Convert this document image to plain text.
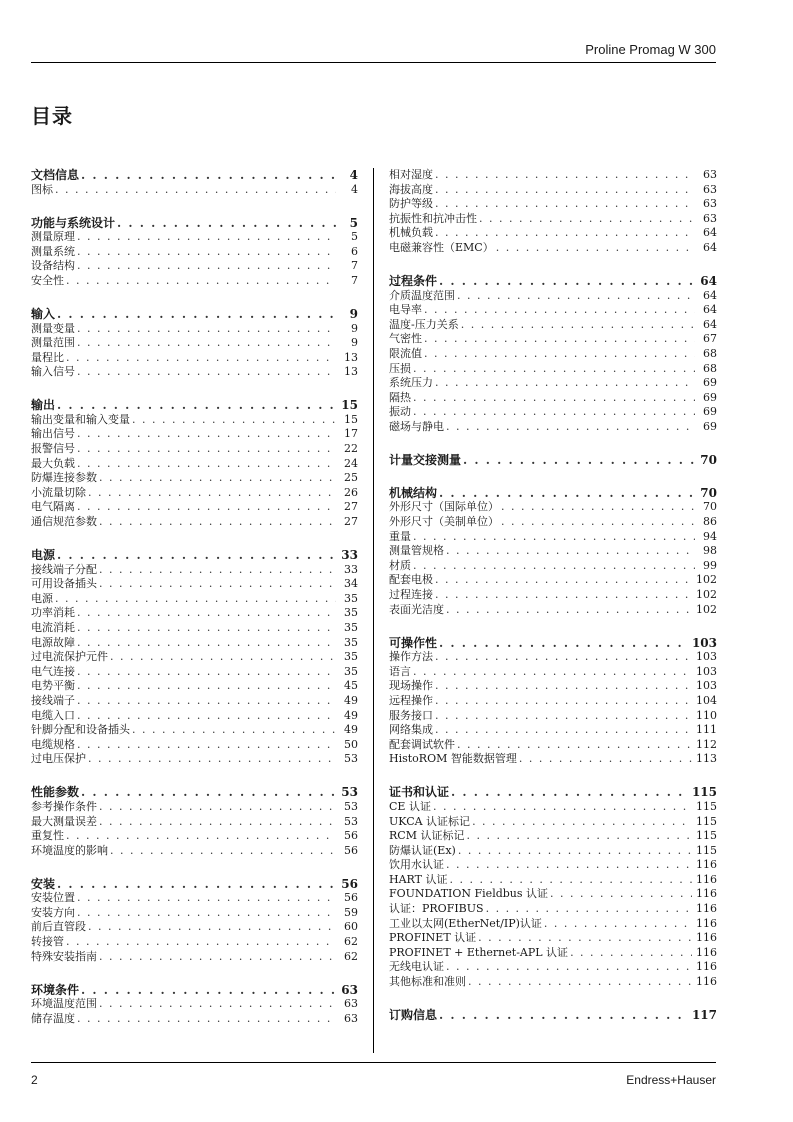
Proline Promag W 300
目录
文档信息 . . .	4
图标 . . .	4
功能与系统设计 . . .	5
测量原理 . . .	5
测量系统 . . .	6
设备结构 . . .	7
安全性 . . .	7
输入 . . .	9
测量变量 . . .	9
测量范围 . . .	9
量程比 . . .	13
输入信号 . . .	13
输出 . . .	15
输出变量和输入变量 . . .	15
输出信号 . . .	17
报警信号 . . .	22
最大负载 . . .	24
防爆连接参数 . . .	25
小流量切除 . . .	26
电气隔离 . . .	27
通信规范参数 . . .	27
电源 . . .	33
接线端子分配 . . .	33
可用设备插头 . . .	34
电源 . . .	35
功率消耗 . . .	35
电流消耗 . . .	35
电源故障 . . .	35
过电流保护元件 . . .	35
电气连接 . . .	35
电势平衡 . . .	45
接线端子 . . .	49
电缆入口 . . .	49
针脚分配和设备插头 . . .	49
电缆规格 . . .	50
过电压保护 . . .	53
性能参数 . . .	53
参考操作条件 . . .	53
最大测量误差 . . .	53
重复性 . . .	56
环境温度的影响 . . .	56
安装 . . .	56
安装位置 . . .	56
安装方向 . . .	59
前后直管段 . . .	60
转接管 . . .	62
特殊安装指南 . . .	62
环境条件 . . .	63
环境温度范围 . . .	63
储存温度 . . .	63
相对湿度 . . .	63
海拔高度 . . .	63
防护等级 . . .	63
抗振性和抗冲击性 . . .	63
机械负载 . . .	64
电磁兼容性（EMC） . . .	64
过程条件 . . .	64
介质温度范围 . . .	64
电导率 . . .	64
温度-压力关系 . . .	64
气密性 . . .	67
限流值 . . .	68
压损 . . .	68
系统压力 . . .	69
隔热 . . .	69
振动 . . .	69
磁场与静电 . . .	69
计量交接测量 . . .	70
机械结构 . . .	70
外形尺寸（国际单位） . . .	70
外形尺寸（美制单位） . . .	86
重量 . . .	94
测量管规格 . . .	98
材质 . . .	99
配套电极 . . .	102
过程连接 . . .	102
表面光洁度 . . .	102
可操作性 . . .	103
操作方法 . . .	103
语言 . . .	103
现场操作 . . .	103
远程操作 . . .	104
服务接口 . . .	110
网络集成 . . .	111
配套调试软件 . . .	112
HistoROM 智能数据管理 . . .	113
证书和认证 . . .	115
CE 认证 . . .	115
UKCA 认证标记 . . .	115
RCM 认证标记 . . .	115
防爆认证(Ex) . . .	115
饮用水认证 . . .	116
HART 认证 . . .	116
FOUNDATION Fieldbus 认证 . . .	116
认证：PROFIBUS . . .	116
工业以太网(EtherNet/IP)认证 . . .	116
PROFINET 认证 . . .	116
PROFINET + Ethernet-APL 认证 . . .	116
无线电认证 . . .	116
其他标准和准则 . . .	116
订购信息 . . .	117
2	Endress+Hauser
